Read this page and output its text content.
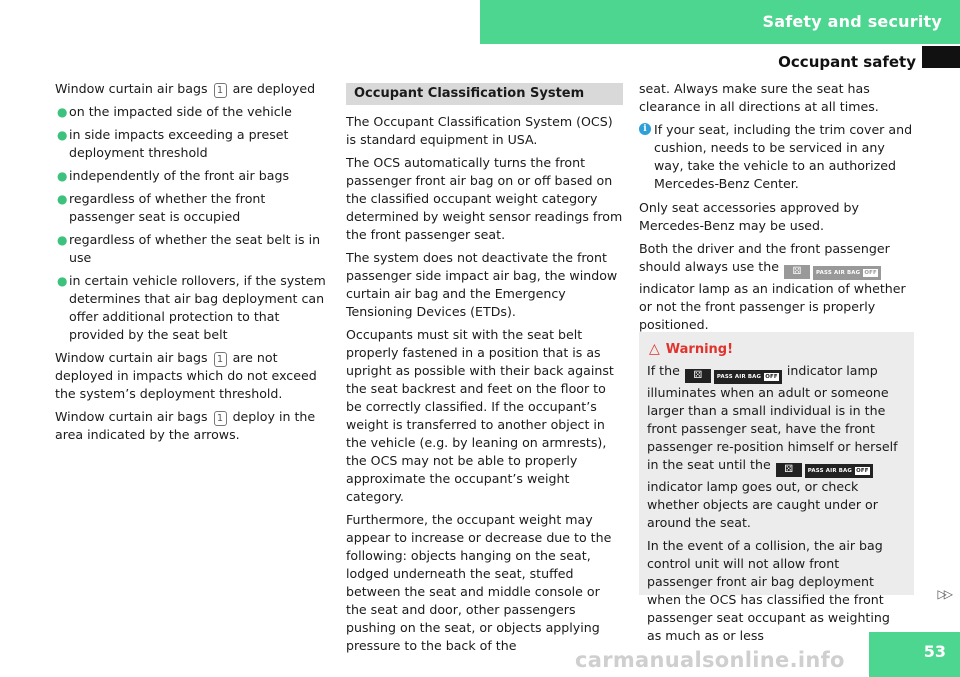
Safety and security
Occupant safety

Window curtain air bags 1 are deployed

● on the impacted side of the vehicle
● in side impacts exceeding a preset deployment threshold
● independently of the front air bags
● regardless of whether the front passenger seat is occupied
● regardless of whether the seat belt is in use
● in certain vehicle rollovers, if the system determines that air bag deployment can offer additional protection to that provided by the seat belt

Window curtain air bags 1 are not deployed in impacts which do not exceed the system’s deployment threshold.

Window curtain air bags 1 deploy in the area indicated by the arrows.

Occupant Classification System

The Occupant Classification System (OCS) is standard equipment in USA.

The OCS automatically turns the front passenger front air bag on or off based on the classified occupant weight category determined by weight sensor readings from the front passenger seat.

The system does not deactivate the front passenger side impact air bag, the window curtain air bag and the Emergency Tensioning Devices (ETDs).

Occupants must sit with the seat belt properly fastened in a position that is as upright as possible with their back against the seat backrest and feet on the floor to be correctly classified. If the occupant’s weight is transferred to another object in the vehicle (e.g. by leaning on armrests), the OCS may not be able to properly approximate the occupant’s weight category.

Furthermore, the occupant weight may appear to increase or decrease due to the following: objects hanging on the seat, lodged underneath the seat, stuffed between the seat and middle console or the seat and door, other passengers pushing on the seat, or objects applying pressure to the back of the

seat. Always make sure the seat has clearance in all directions at all times.

i If your seat, including the trim cover and cushion, needs to be serviced in any way, take the vehicle to an authorized Mercedes-Benz Center.

Only seat accessories approved by Mercedes-Benz may be used.

Both the driver and the front passenger should always use the ⚄	PASS AIR BAG OFF indicator lamp as an indication of whether or not the front passenger is properly positioned.

△ Warning!

If the ⚄	PASS AIR BAG OFF indicator lamp illuminates when an adult or someone larger than a small individual is in the front passenger seat, have the front passenger re-position himself or herself in the seat until the ⚄	PASS AIR BAG OFF indicator lamp goes out, or check whether objects are caught under or around the seat.

In the event of a collision, the air bag control unit will not allow front passenger front air bag deployment when the OCS has classified the front passenger seat occupant as weighting as much as or less

▷▷
53
carmanualsonline.info
